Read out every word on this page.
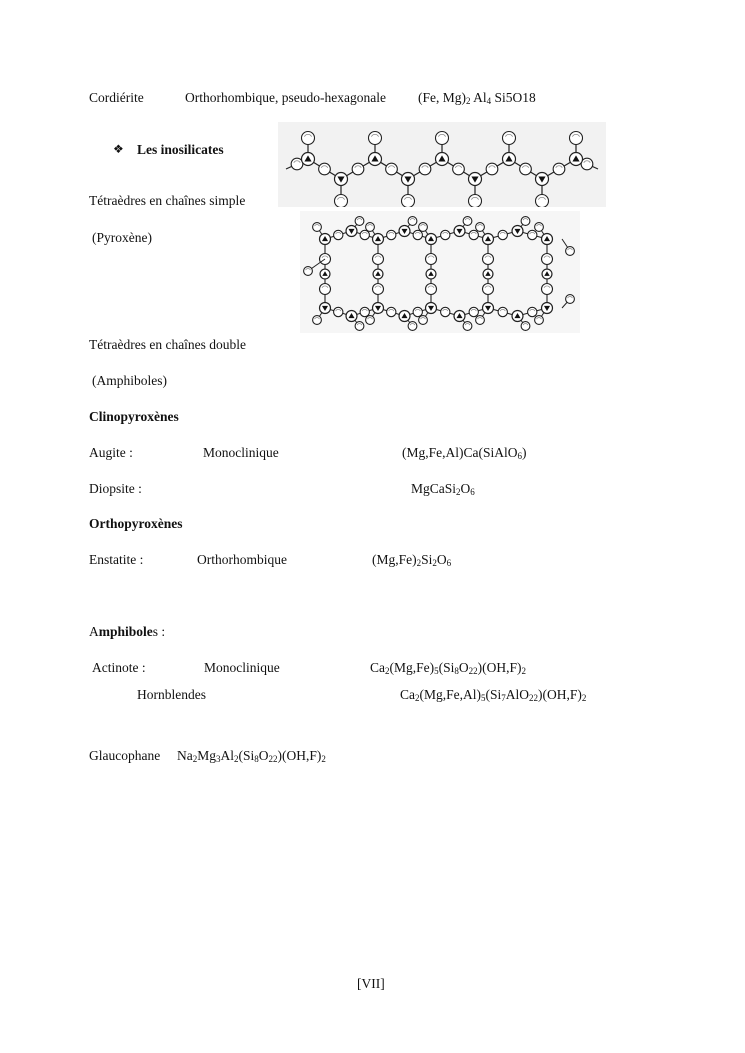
Cordiérite	Orthorhombique, pseudo-hexagonale (Fe, $Mg)_2$ $Al_4$ Si5O18
❖ Les inosilicates
Tétraèdres en chaînes simple
(Pyroxène)
Tétraèdres en chaînes double
(Amphiboles)
Clinopyroxènes
Augite :	Monoclinique	(Mg,Fe,Al)Ca(SiAlO$_6$)
Diopsite :	$MgCaSi_2O_6$
Orthopyroxènes
Enstatite :	Orthorhombique	$(Mg,Fe)_2Si_2O_6$
Amphiboles :
Actinote :	Monoclinique	$Ca_2(Mg,Fe)_5(Si_8O_{22})(OH,F)_2$
Hornblendes	$Ca_2(Mg,Fe,Al)_5(Si_7AlO_{22})(OH,F)_2$
Glaucophane $Na_2Mg_3Al_2(Si_8O_{22})(OH,F)_2$
[VII]
